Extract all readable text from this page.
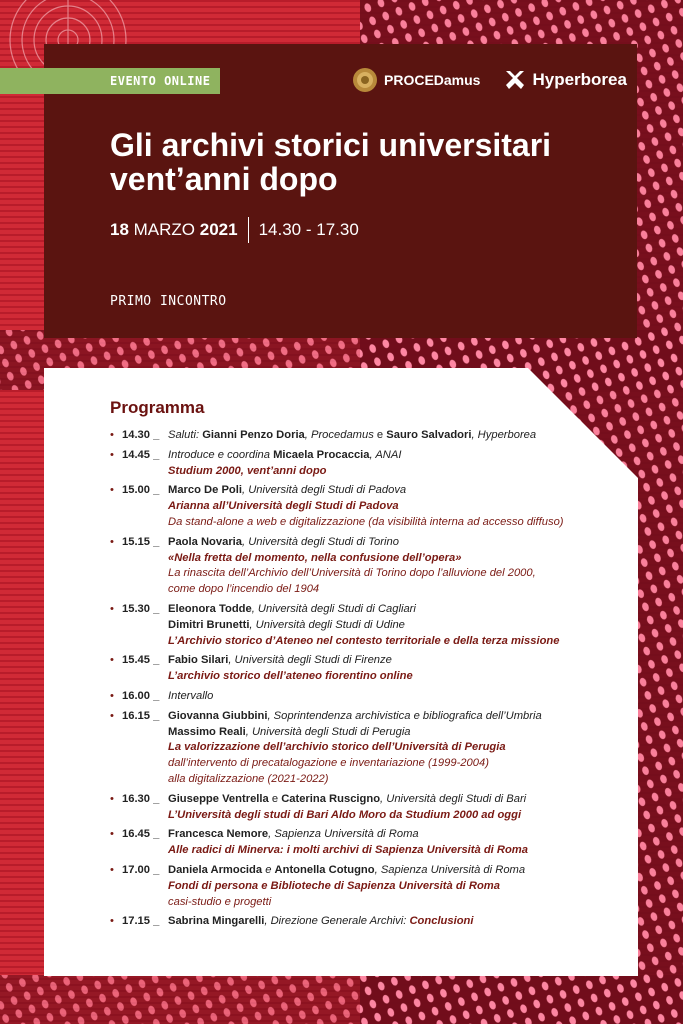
EVENTO ONLINE	PROCEDamus	Hyperborea
Gli archivi storici universitari
vent’anni dopo
18 MARZO 2021 14.30 - 17.30
PRIMO INCONTRO
Programma
• 14.30 _ Saluti: Gianni Penzo Doria, Procedamus e Sauro Salvadori, Hyperborea
• 14.45 _ Introduce e coordina Micaela Procaccia, ANAI
Studium 2000, vent’anni dopo
• 15.00 _ Marco De Poli, Università degli Studi di Padova
Arianna all’Università degli Studi di Padova
Da stand-alone a web e digitalizzazione (da visibilità interna ad accesso diffuso)
• 15.15 _ Paola Novaria, Università degli Studi di Torino
«Nella fretta del momento, nella confusione dell’opera»
La rinascita dell’Archivio dell’Università di Torino dopo l’alluvione del 2000,
come dopo l’incendio del 1904
• 15.30 _ Eleonora Todde, Università degli Studi di Cagliari
Dimitri Brunetti, Università degli Studi di Udine
L’Archivio storico d’Ateneo nel contesto territoriale e della terza missione
• 15.45 _ Fabio Silari, Università degli Studi di Firenze
L’archivio storico dell’ateneo fiorentino online
• 16.00 _ Intervallo
• 16.15 _ Giovanna Giubbini, Soprintendenza archivistica e bibliografica dell’Umbria
Massimo Reali, Università degli Studi di Perugia
La valorizzazione dell’archivio storico dell’Università di Perugia
dall’intervento di precatalogazione e inventariazione (1999-2004)
alla digitalizzazione (2021-2022)
• 16.30 _ Giuseppe Ventrella e Caterina Ruscigno, Università degli Studi di Bari
L’Università degli studi di Bari Aldo Moro da Studium 2000 ad oggi
• 16.45 _ Francesca Nemore, Sapienza Università di Roma
Alle radici di Minerva: i molti archivi di Sapienza Università di Roma
• 17.00 _ Daniela Armocida e Antonella Cotugno, Sapienza Università di Roma
Fondi di persona e Biblioteche di Sapienza Università di Roma
casi-studio e progetti
• 17.15 _ Sabrina Mingarelli, Direzione Generale Archivi: Conclusioni
